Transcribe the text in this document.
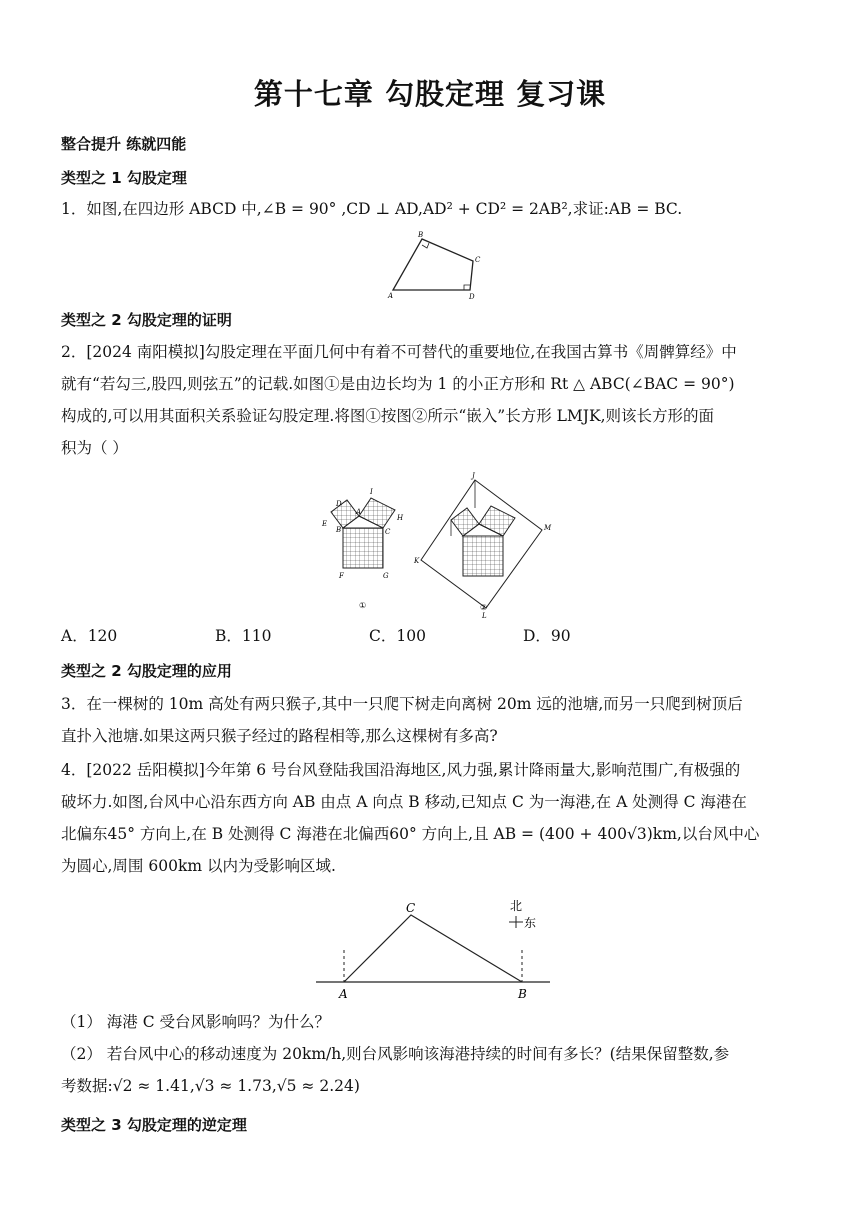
第十七章 勾股定理 复习课
整合提升 练就四能
类型之 1 勾股定理
1．如图,在四边形 ABCD 中,∠B = 90° ,CD ⊥ AD,AD² + CD² = 2AB²,求证:AB = BC.
A
B
C
D
类型之 2 勾股定理的证明
2．[2024 南阳模拟]勾股定理在平面几何中有着不可替代的重要地位,在我国古算书《周髀算经》中
就有“若勾三,股四,则弦五”的记载.如图①是由边长均为 1 的小正方形和 Rt △ ABC(∠BAC = 90°)
构成的,可以用其面积关系验证勾股定理.将图①按图②所示“嵌入”长方形 LMJK,则该长方形的面
积为（ ）
D
E
A
B	C
I
H
F	G
①
J
K
L
M
②
A．120	B．110	C．100	D．90
类型之 2 勾股定理的应用
3．在一棵树的 10m 高处有两只猴子,其中一只爬下树走向离树 20m 远的池塘,而另一只爬到树顶后
直扑入池塘.如果这两只猴子经过的路程相等,那么这棵树有多高?
4．[2022 岳阳模拟]今年第 6 号台风登陆我国沿海地区,风力强,累计降雨量大,影响范围广,有极强的
破坏力.如图,台风中心沿东西方向 AB 由点 A 向点 B 移动,已知点 C 为一海港,在 A 处测得 C 海港在
北偏东45° 方向上,在 B 处测得 C 海港在北偏西60° 方向上,且 AB = (400 + 400√3)km,以台风中心
为圆心,周围 600km 以内为受影响区域.
C
A	B
北
东
（1） 海港 C 受台风影响吗？为什么？
（2） 若台风中心的移动速度为 20km/h,则台风影响该海港持续的时间有多长？(结果保留整数,参
考数据:√2 ≈ 1.41,√3 ≈ 1.73,√5 ≈ 2.24)
类型之 3 勾股定理的逆定理
